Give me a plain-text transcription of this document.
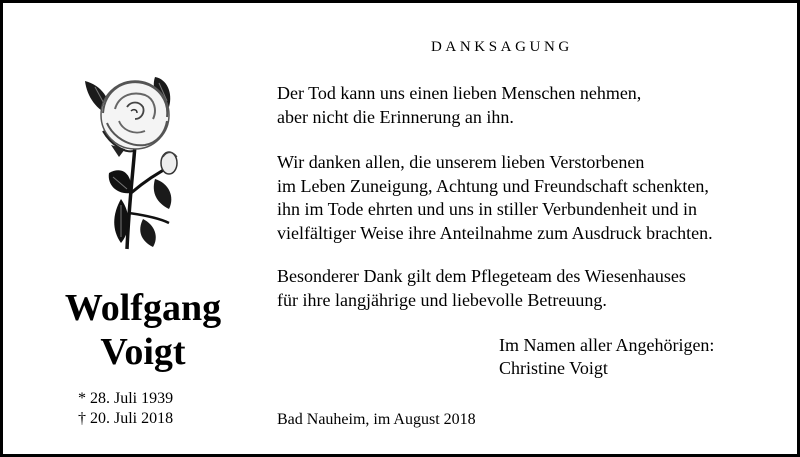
Wolfgang
Voigt
* 28. Juli 1939
† 20. Juli 2018
DANKSAGUNG
Der Tod kann uns einen lieben Menschen nehmen,
aber nicht die Erinnerung an ihn.
Wir danken allen, die unserem lieben Verstorbenen
im Leben Zuneigung, Achtung und Freundschaft schenkten,
ihn im Tode ehrten und uns in stiller Verbundenheit und in
vielfältiger Weise ihre Anteilnahme zum Ausdruck brachten.
Besonderer Dank gilt dem Pflegeteam des Wiesenhauses
für ihre langjährige und liebevolle Betreuung.
Im Namen aller Angehörigen:
Christine Voigt
Bad Nauheim, im August 2018
